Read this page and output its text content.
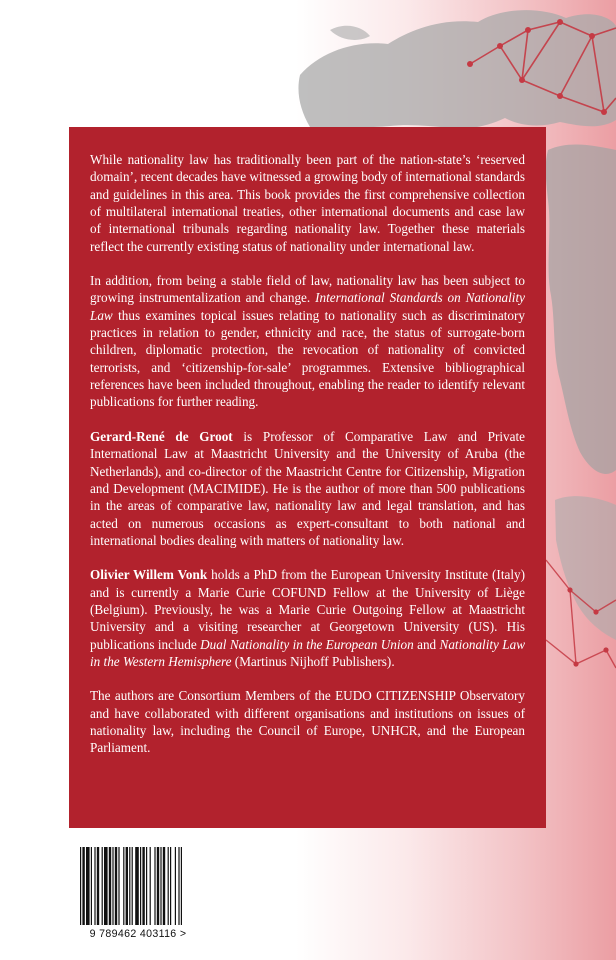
While nationality law has traditionally been part of the nation-state’s ‘reserved domain’, recent decades have witnessed a growing body of international standards and guidelines in this area. This book provides the first comprehensive collection of multilateral international treaties, other international documents and case law of international tribunals regarding nationality law. Together these materials reflect the currently existing status of nationality under international law.

In addition, from being a stable field of law, nationality law has been subject to growing instrumentalization and change. International Standards on Nationality Law thus examines topical issues relating to nationality such as discriminatory practices in relation to gender, ethnicity and race, the status of surrogate-born children, diplomatic protection, the revocation of nationality of convicted terrorists, and ‘citizenship-for-sale’ programmes. Extensive bibliographical references have been included throughout, enabling the reader to identify relevant publications for further reading.

Gerard-René de Groot is Professor of Comparative Law and Private International Law at Maastricht University and the University of Aruba (the Netherlands), and co-director of the Maastricht Centre for Citizenship, Migration and Development (MACIMIDE). He is the author of more than 500 publications in the areas of comparative law, nationality law and legal translation, and has acted on numerous occasions as expert-consultant to both national and international bodies dealing with matters of nationality law.

Olivier Willem Vonk holds a PhD from the European University Institute (Italy) and is currently a Marie Curie COFUND Fellow at the University of Liège (Belgium). Previously, he was a Marie Curie Outgoing Fellow at Maastricht University and a visiting researcher at Georgetown University (US). His publications include Dual Nationality in the European Union and Nationality Law in the Western Hemisphere (Martinus Nijhoff Publishers).

The authors are Consortium Members of the EUDO CITIZENSHIP Observatory and have collaborated with different organisations and institutions on issues of nationality law, including the Council of Europe, UNHCR, and the European Parliament.

9 789462 403116 >
